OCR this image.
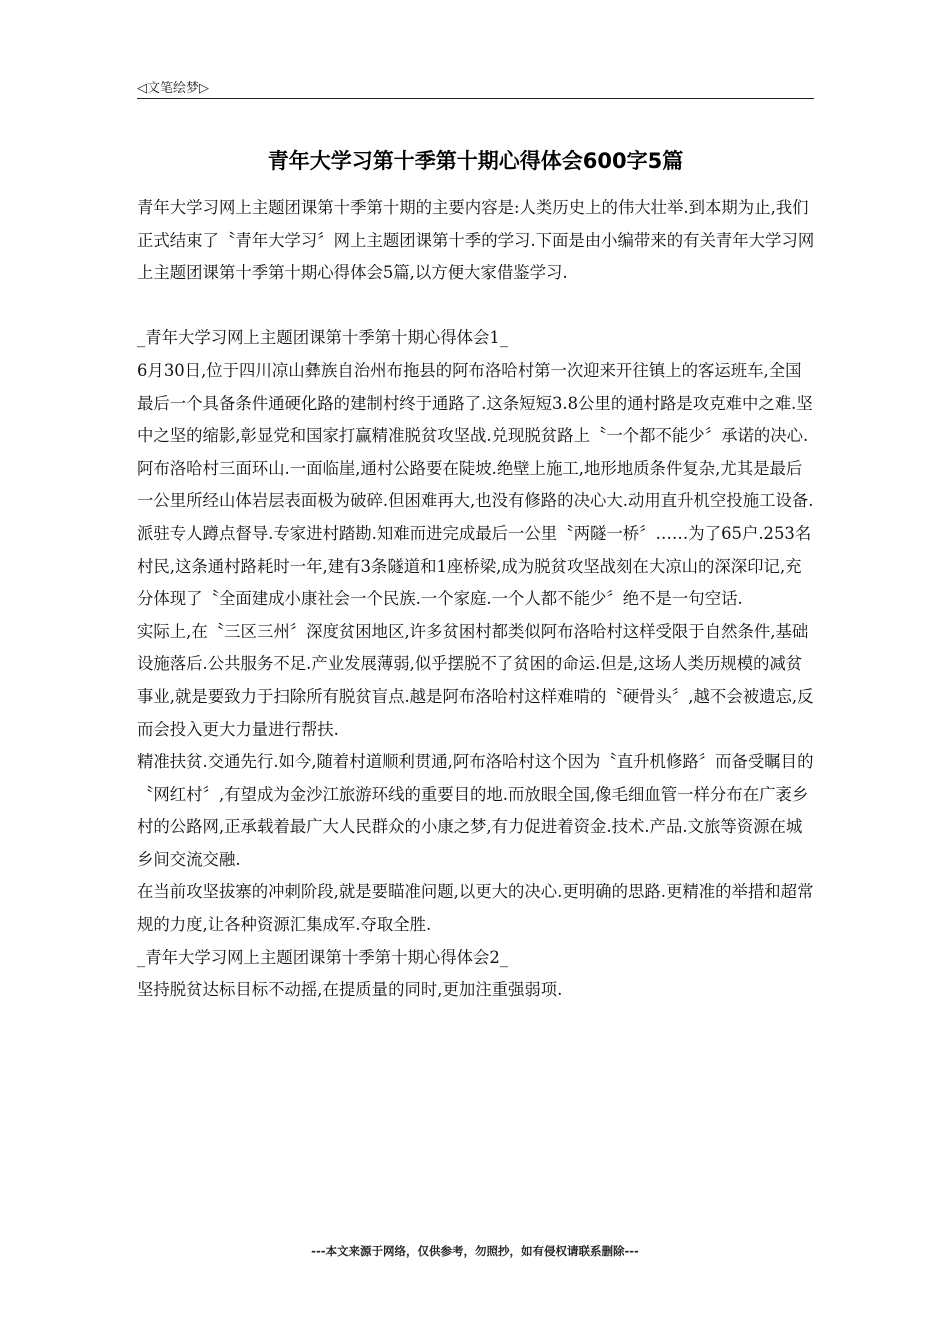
◁文笔绘梦▷
青年大学习第十季第十期心得体会600字5篇

青年大学习网上主题团课第十季第十期的主要内容是:人类历史上的伟大壮举.到本期为止,我们正式结束了〝青年大学习〞网上主题团课第十季的学习.下面是由小编带来的有关青年大学习网上主题团课第十季第十期心得体会5篇,以方便大家借鉴学习.

_青年大学习网上主题团课第十季第十期心得体会1_

6月30日,位于四川凉山彝族自治州布拖县的阿布洛哈村第一次迎来开往镇上的客运班车,全国最后一个具备条件通硬化路的建制村终于通路了.这条短短3.8公里的通村路是攻克难中之难.坚中之坚的缩影,彰显党和国家打赢精准脱贫攻坚战.兑现脱贫路上〝一个都不能少〞承诺的决心.

阿布洛哈村三面环山.一面临崖,通村公路要在陡坡.绝壁上施工,地形地质条件复杂,尤其是最后一公里所经山体岩层表面极为破碎.但困难再大,也没有修路的决心大.动用直升机空投施工设备.派驻专人蹲点督导.专家进村踏勘.知难而进完成最后一公里〝两隧一桥〞……为了65户.253名村民,这条通村路耗时一年,建有3条隧道和1座桥梁,成为脱贫攻坚战刻在大凉山的深深印记,充分体现了〝全面建成小康社会一个民族.一个家庭.一个人都不能少〞绝不是一句空话.

实际上,在〝三区三州〞深度贫困地区,许多贫困村都类似阿布洛哈村这样受限于自然条件,基础设施落后.公共服务不足.产业发展薄弱,似乎摆脱不了贫困的命运.但是,这场人类历规模的减贫事业,就是要致力于扫除所有脱贫盲点.越是阿布洛哈村这样难啃的〝硬骨头〞,越不会被遗忘,反而会投入更大力量进行帮扶.

精准扶贫.交通先行.如今,随着村道顺利贯通,阿布洛哈村这个因为〝直升机修路〞而备受瞩目的〝网红村〞,有望成为金沙江旅游环线的重要目的地.而放眼全国,像毛细血管一样分布在广袤乡村的公路网,正承载着最广大人民群众的小康之梦,有力促进着资金.技术.产品.文旅等资源在城乡间交流交融.

在当前攻坚拔寨的冲刺阶段,就是要瞄准问题,以更大的决心.更明确的思路.更精准的举措和超常规的力度,让各种资源汇集成军.夺取全胜.

_青年大学习网上主题团课第十季第十期心得体会2_

坚持脱贫达标目标不动摇,在提质量的同时,更加注重强弱项.

---本文来源于网络，仅供参考，勿照抄，如有侵权请联系删除---
